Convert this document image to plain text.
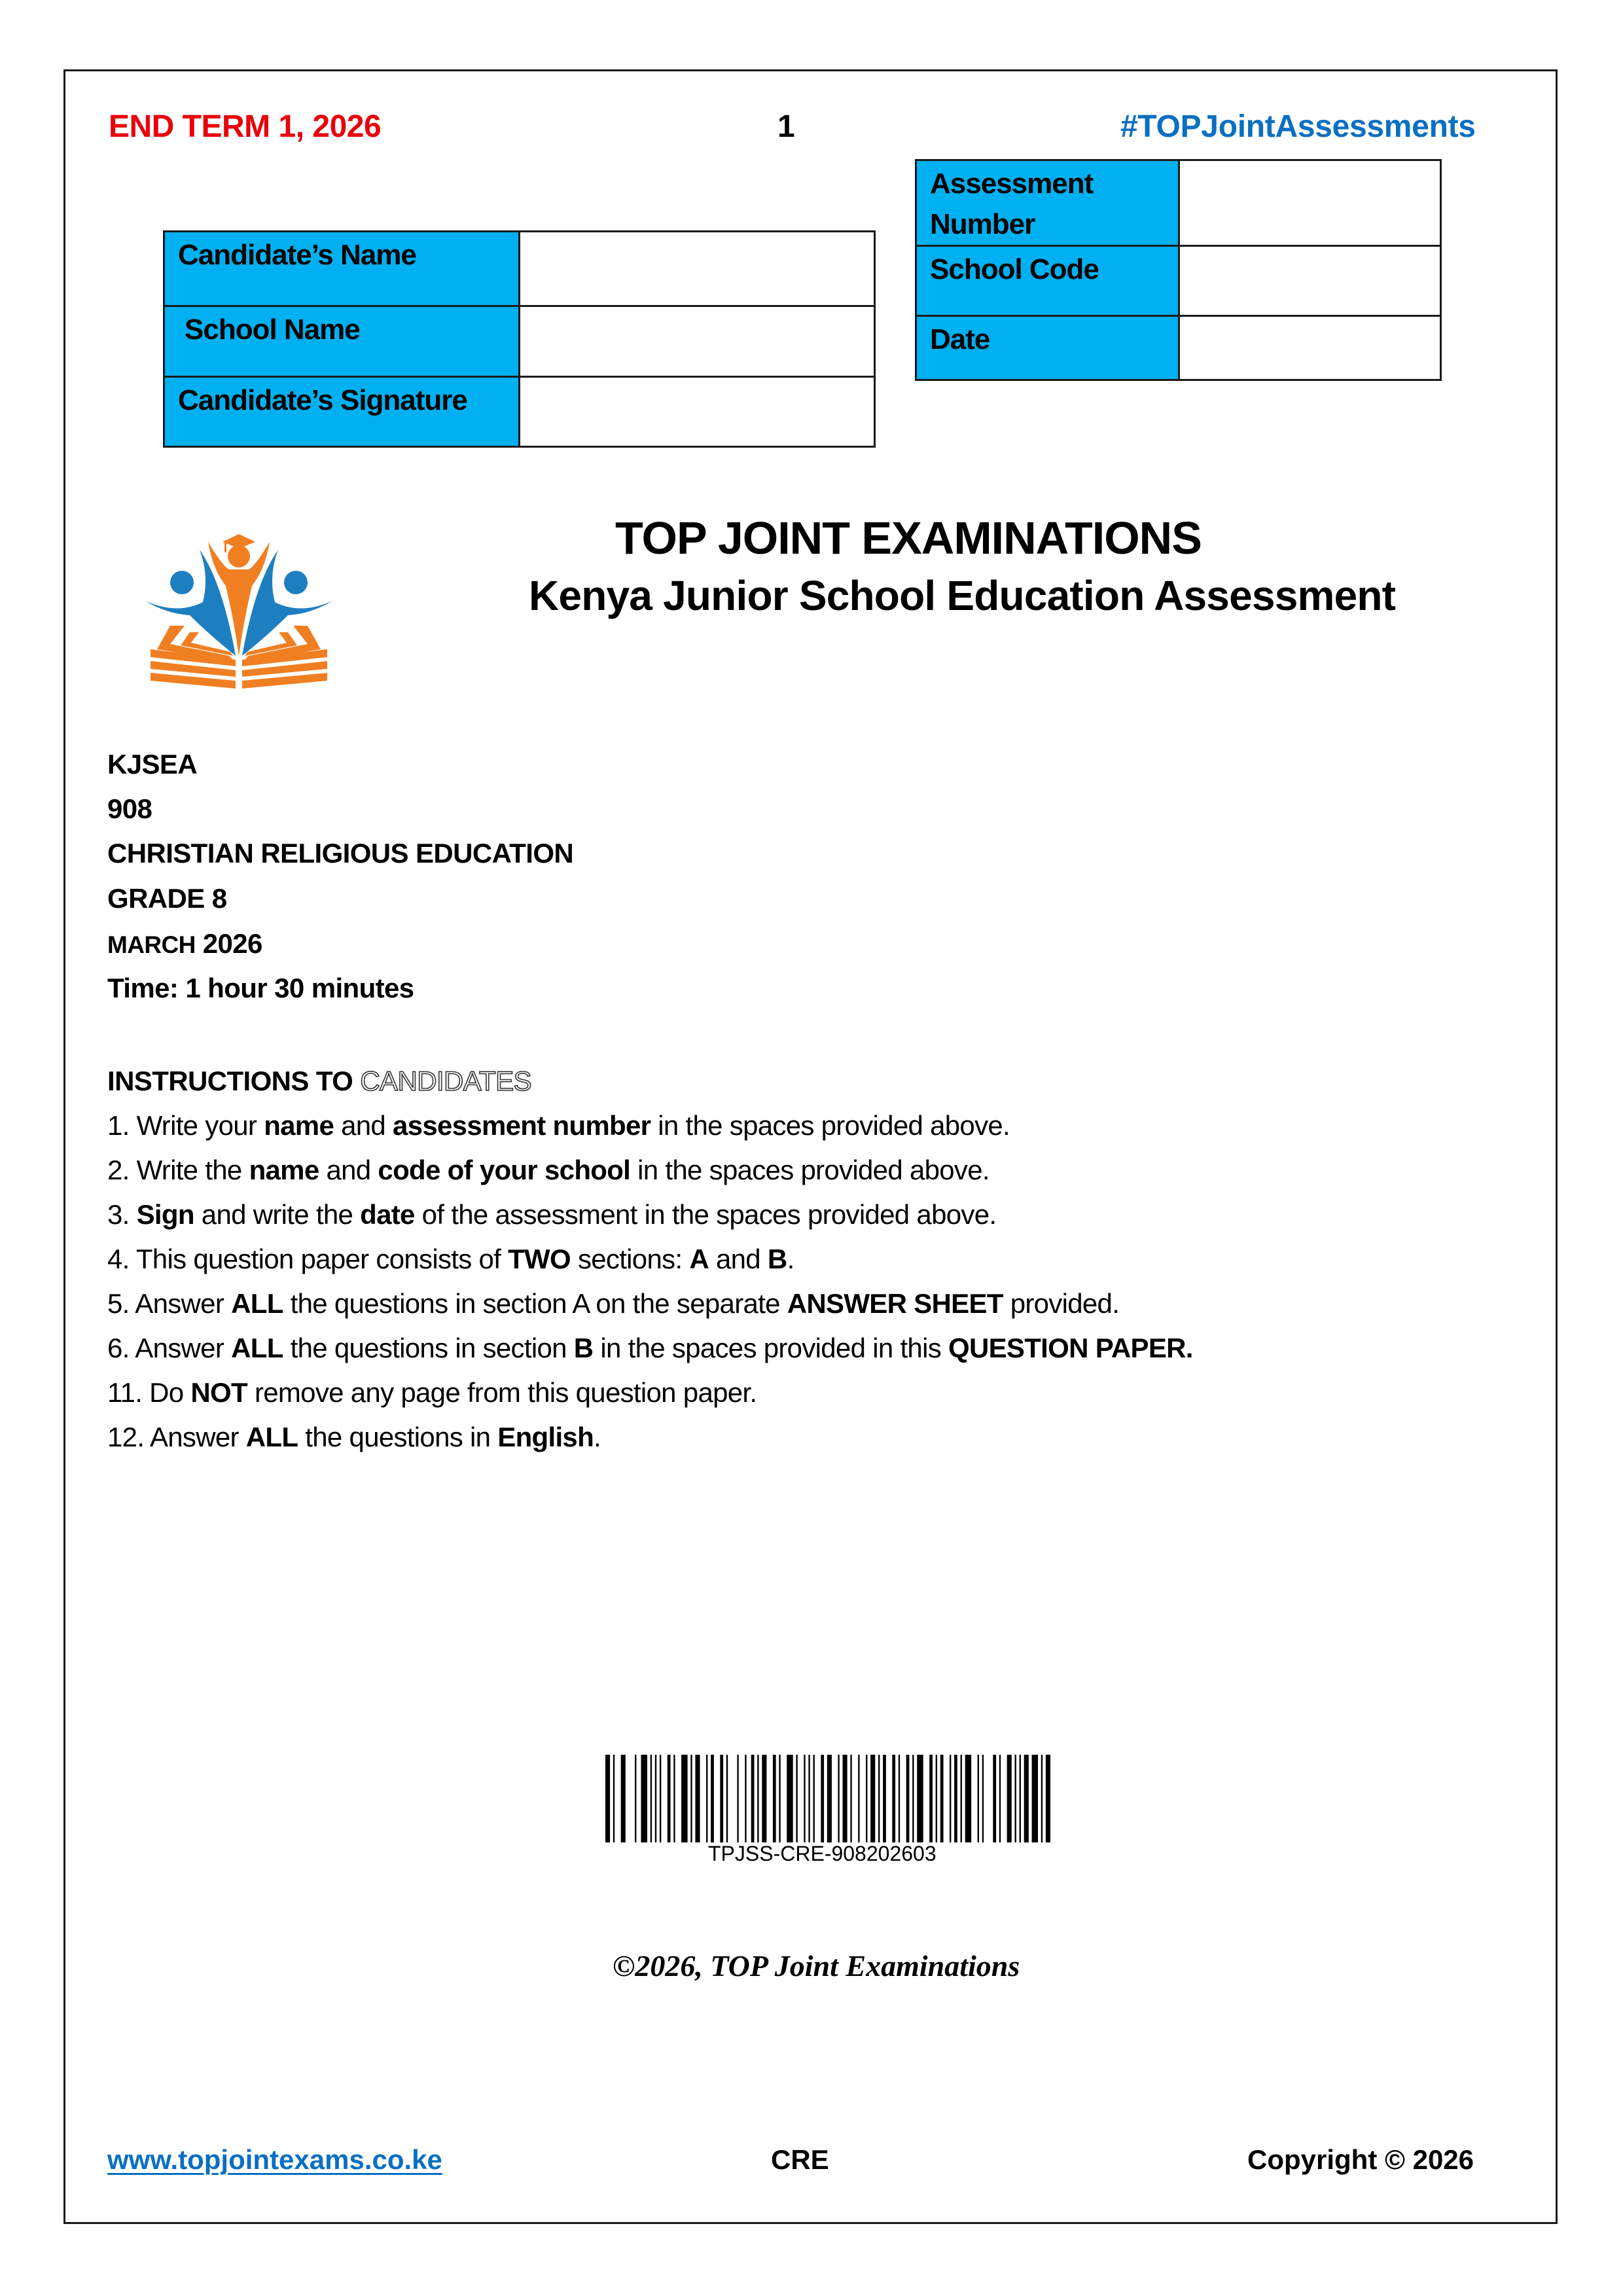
END TERM 1, 2026	1	#TOPJointAssessments
Candidate’s Name	
School Name	
Candidate’s Signature	
Assessment
Number	

School Code	
Date	
TOP JOINT EXAMINATIONS
Kenya Junior School Education Assessment
KJSEA
908
CHRISTIAN RELIGIOUS EDUCATION
GRADE 8
MARCH 2026
Time: 1 hour 30 minutes
INSTRUCTIONS TO CANDIDATES
1. Write your name and assessment number in the spaces provided above.
2. Write the name and code of your school in the spaces provided above.
3. Sign and write the date of the assessment in the spaces provided above.
4. This question paper consists of TWO sections: A and B.
5. Answer ALL the questions in section A on the separate ANSWER SHEET provided.
6. Answer ALL the questions in section B in the spaces provided in this QUESTION PAPER.
11. Do NOT remove any page from this question paper.
12. Answer ALL the questions in English.
TPJSS-CRE-908202603
©2026, TOP Joint Examinations
www.topjointexams.co.ke	CRE	Copyright © 2026
